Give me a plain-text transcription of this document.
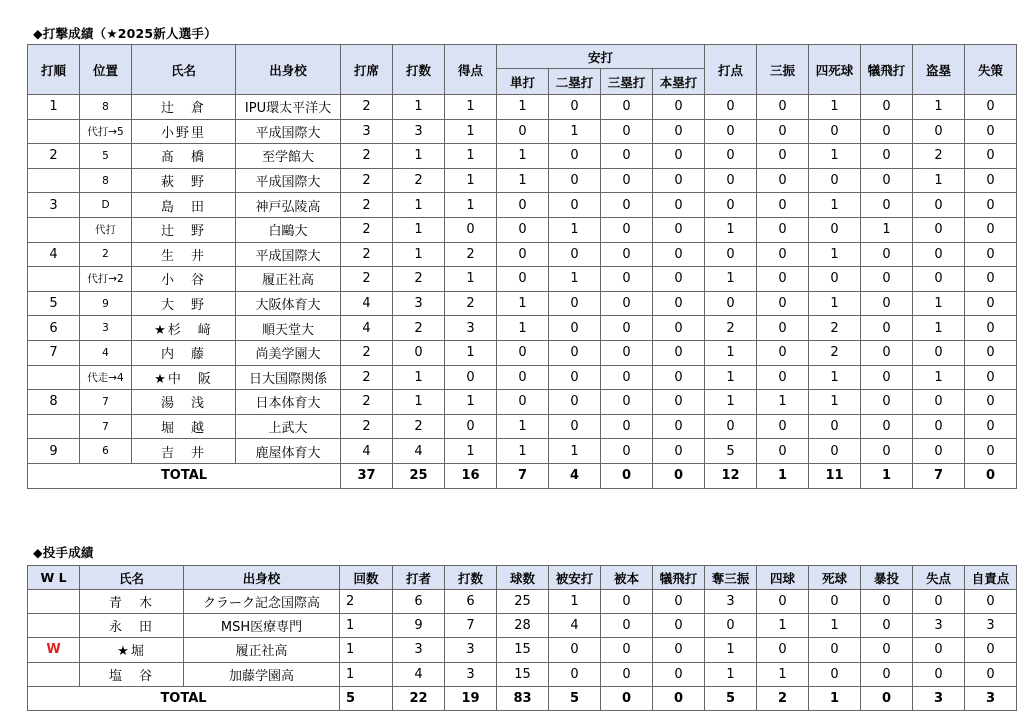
◆打撃成績（★2025新人選手）
打順	位置	氏名	出身校	打席	打数	得点	安打				打点	三振	四死球	犠飛打	盗塁	失策
							単打	二塁打	三塁打	本塁打						
1	8	辻　倉	IPU環太平洋大	2	1	1	1	0	0	0	0	0	1	0	1	0
	代打→5	小野里	平成国際大	3	3	1	0	1	0	0	0	0	0	0	0	0
2	5	髙　橋	至学館大	2	1	1	1	0	0	0	0	0	1	0	2	0
	8	萩　野	平成国際大	2	2	1	1	0	0	0	0	0	0	0	1	0
3	D	島　田	神戸弘陵高	2	1	1	0	0	0	0	0	0	1	0	0	0
	代打	辻　野	白鷗大	2	1	0	0	1	0	0	1	0	0	1	0	0
4	2	生　井	平成国際大	2	1	2	0	0	0	0	0	0	1	0	0	0
	代打→2	小　谷	履正社高	2	2	1	0	1	0	0	1	0	0	0	0	0
5	9	大　野	大阪体育大	4	3	2	1	0	0	0	0	0	1	0	1	0
6	3	★杉　﨑	順天堂大	4	2	3	1	0	0	0	2	0	2	0	1	0
7	4	内　藤	尚美学園大	2	0	1	0	0	0	0	1	0	2	0	0	0
	代走→4	★中　阪	日大国際関係	2	1	0	0	0	0	0	1	0	1	0	1	0
8	7	湯　浅	日本体育大	2	1	1	0	0	0	0	1	1	1	0	0	0
	7	堀　越	上武大	2	2	0	1	0	0	0	0	0	0	0	0	0
9	6	吉　井	鹿屋体育大	4	4	1	1	1	0	0	5	0	0	0	0	0
TOTAL				37	25	16	7	4	0	0	12	1	11	1	7	0
◆投手成績
W L	氏名	出身校	回数	打者	打数	球数	被安打	被本	犠飛打	奪三振	四球	死球	暴投	失点	自責点
	青　木	クラーク記念国際高	2	6	6	25	1	0	0	3	0	0	0	0	0
	永　田	MSH医療専門	1	9	7	28	4	0	0	0	1	1	0	3	3
W	★堀	履正社高	1	3	3	15	0	0	0	1	0	0	0	0	0
	塩　谷	加藤学園高	1	4	3	15	0	0	0	1	1	0	0	0	0
TOTAL			5	22	19	83	5	0	0	5	2	1	0	3	3
